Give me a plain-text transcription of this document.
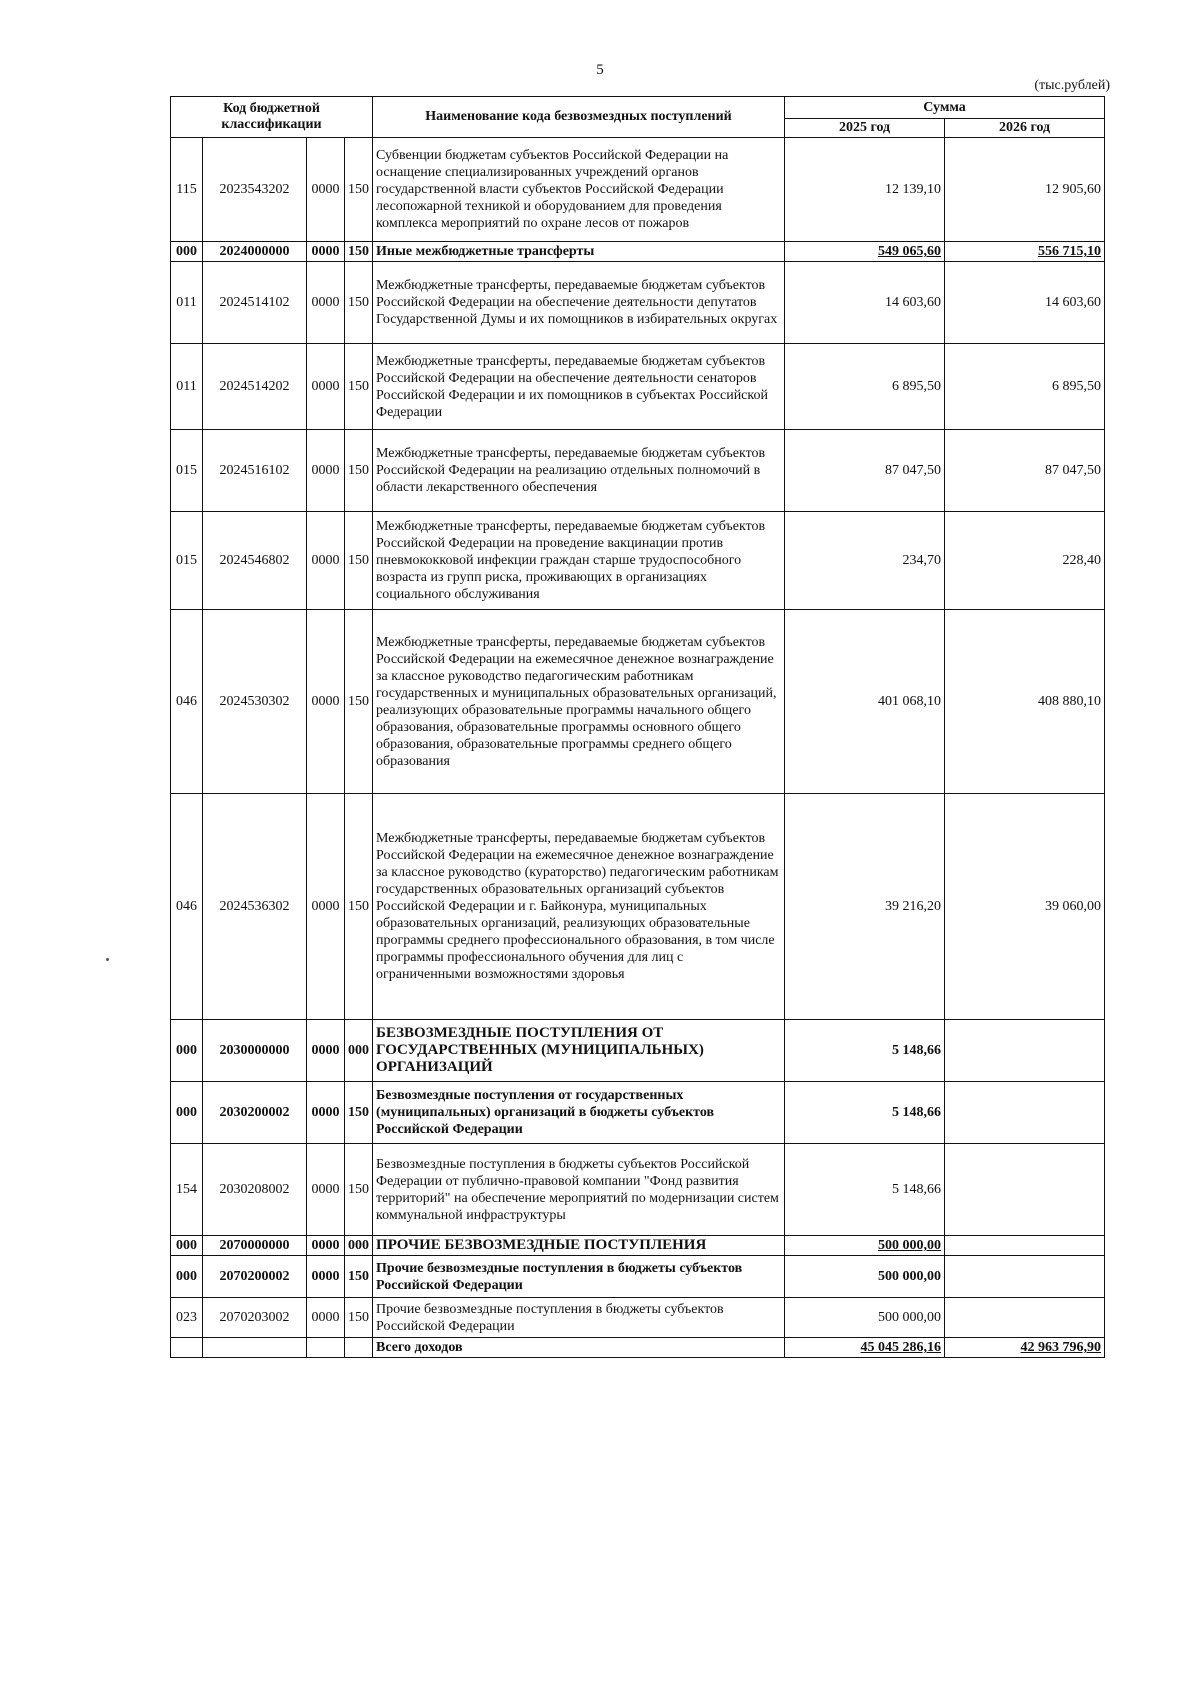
5
(тыс.рублей)
Код бюджетной классификации				Наименование кода безвозмездных поступлений	Сумма	
					2025 год	2026 год
115	2023543202	0000	150	Субвенции бюджетам субъектов Российской Федерации на оснащение специализированных учреждений органов государственной власти субъектов Российской Федерации лесопожарной техникой и оборудованием для проведения комплекса мероприятий по охране лесов от пожаров	12 139,10	12 905,60
000	2024000000	0000	150	Иные межбюджетные трансферты	549 065,60	556 715,10
011	2024514102	0000	150	Межбюджетные трансферты, передаваемые бюджетам субъектов Российской Федерации на обеспечение деятельности депутатов Государственной Думы и их помощников в избирательных округах	14 603,60	14 603,60
011	2024514202	0000	150	Межбюджетные трансферты, передаваемые бюджетам субъектов Российской Федерации на обеспечение деятельности сенаторов Российской Федерации и их помощников в субъектах Российской Федерации	6 895,50	6 895,50
015	2024516102	0000	150	Межбюджетные трансферты, передаваемые бюджетам субъектов Российской Федерации на реализацию отдельных полномочий в области лекарственного обеспечения	87 047,50	87 047,50
015	2024546802	0000	150	Межбюджетные трансферты, передаваемые бюджетам субъектов Российской Федерации на проведение вакцинации против пневмококковой инфекции граждан старше трудоспособного возраста из групп риска, проживающих в организациях социального обслуживания	234,70	228,40
046	2024530302	0000	150	Межбюджетные трансферты, передаваемые бюджетам субъектов Российской Федерации на ежемесячное денежное вознаграждение за классное руководство педагогическим работникам государственных и муниципальных образовательных организаций, реализующих образовательные программы начального общего образования, образовательные программы основного общего образования, образовательные программы среднего общего образования	401 068,10	408 880,10
046	2024536302	0000	150	Межбюджетные трансферты, передаваемые бюджетам субъектов Российской Федерации на ежемесячное денежное вознаграждение за классное руководство (кураторство) педагогическим работникам государственных образовательных организаций субъектов Российской Федерации и г. Байконура, муниципальных образовательных организаций, реализующих образовательные программы среднего профессионального образования, в том числе программы профессионального обучения для лиц с ограниченными возможностями здоровья	39 216,20	39 060,00
000	2030000000	0000	000	БЕЗВОЗМЕЗДНЫЕ ПОСТУПЛЕНИЯ ОТ ГОСУДАРСТВЕННЫХ (МУНИЦИПАЛЬНЫХ) ОРГАНИЗАЦИЙ	5 148,66	
000	2030200002	0000	150	Безвозмездные поступления от государственных (муниципальных) организаций в бюджеты субъектов Российской Федерации	5 148,66	
154	2030208002	0000	150	Безвозмездные поступления в бюджеты субъектов Российской Федерации от публично-правовой компании "Фонд развития территорий" на обеспечение мероприятий по модернизации систем коммунальной инфраструктуры	5 148,66	
000	2070000000	0000	000	ПРОЧИЕ БЕЗВОЗМЕЗДНЫЕ ПОСТУПЛЕНИЯ	500 000,00	
000	2070200002	0000	150	Прочие безвозмездные поступления в бюджеты субъектов Российской Федерации	500 000,00	
023	2070203002	0000	150	Прочие безвозмездные поступления в бюджеты субъектов Российской Федерации	500 000,00	
				Всего доходов	45 045 286,16	42 963 796,90
